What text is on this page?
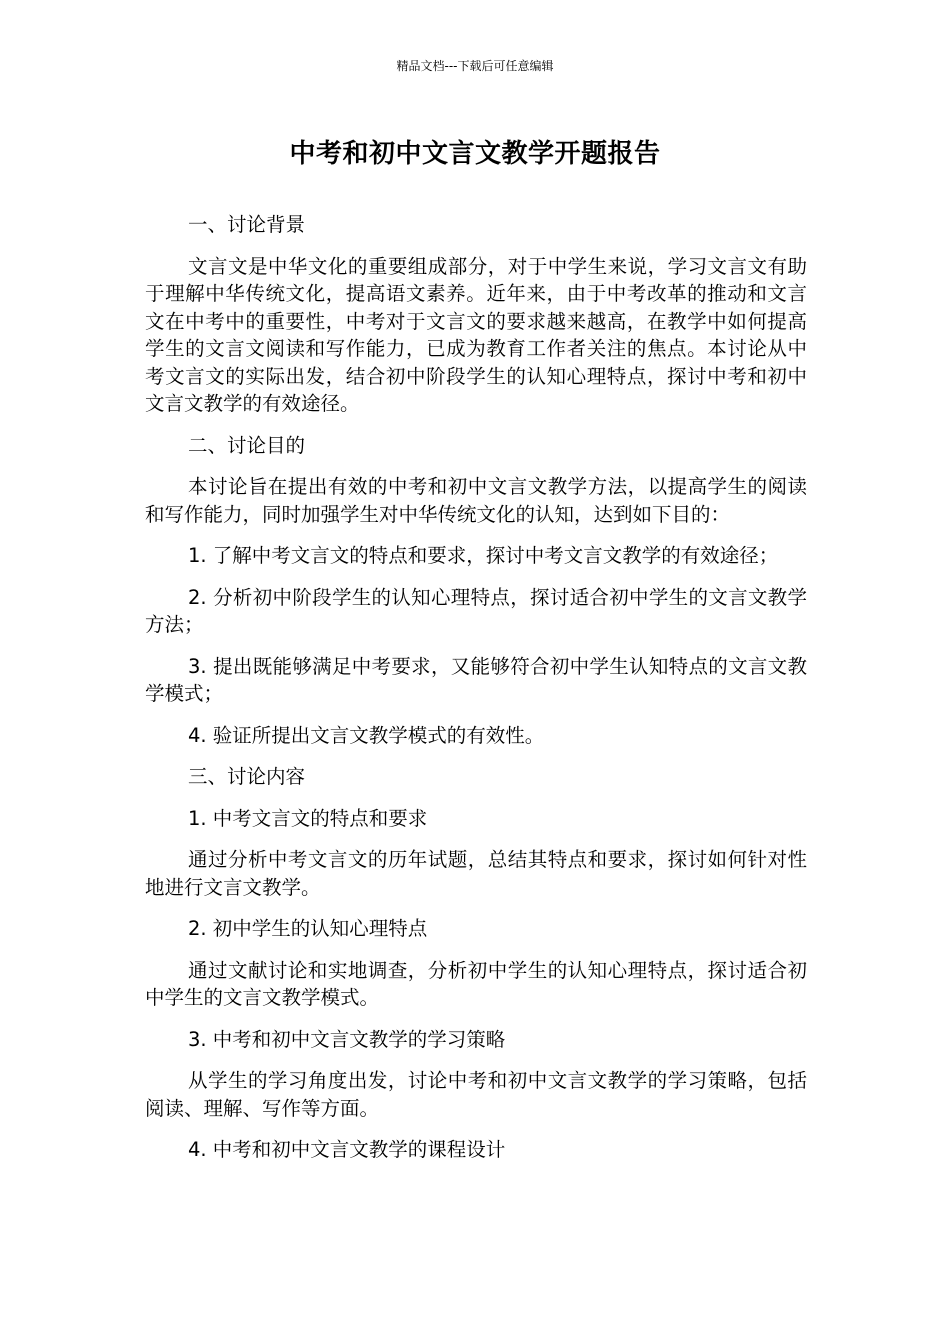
精品文档---下载后可任意编辑
中考和初中文言文教学开题报告

一、讨论背景

文言文是中华文化的重要组成部分，对于中学生来说，学习文言文有助于理解中华传统文化，提高语文素养。近年来，由于中考改革的推动和文言文在中考中的重要性，中考对于文言文的要求越来越高，在教学中如何提高学生的文言文阅读和写作能力，已成为教育工作者关注的焦点。本讨论从中考文言文的实际出发，结合初中阶段学生的认知心理特点，探讨中考和初中文言文教学的有效途径。

二、讨论目的

本讨论旨在提出有效的中考和初中文言文教学方法，以提高学生的阅读和写作能力，同时加强学生对中华传统文化的认知，达到如下目的：

1. 了解中考文言文的特点和要求，探讨中考文言文教学的有效途径；

2. 分析初中阶段学生的认知心理特点，探讨适合初中学生的文言文教学方法；

3. 提出既能够满足中考要求，又能够符合初中学生认知特点的文言文教学模式；

4. 验证所提出文言文教学模式的有效性。

三、讨论内容

1. 中考文言文的特点和要求

通过分析中考文言文的历年试题，总结其特点和要求，探讨如何针对性地进行文言文教学。

2. 初中学生的认知心理特点

通过文献讨论和实地调查，分析初中学生的认知心理特点，探讨适合初中学生的文言文教学模式。

3. 中考和初中文言文教学的学习策略

从学生的学习角度出发，讨论中考和初中文言文教学的学习策略，包括阅读、理解、写作等方面。

4. 中考和初中文言文教学的课程设计
